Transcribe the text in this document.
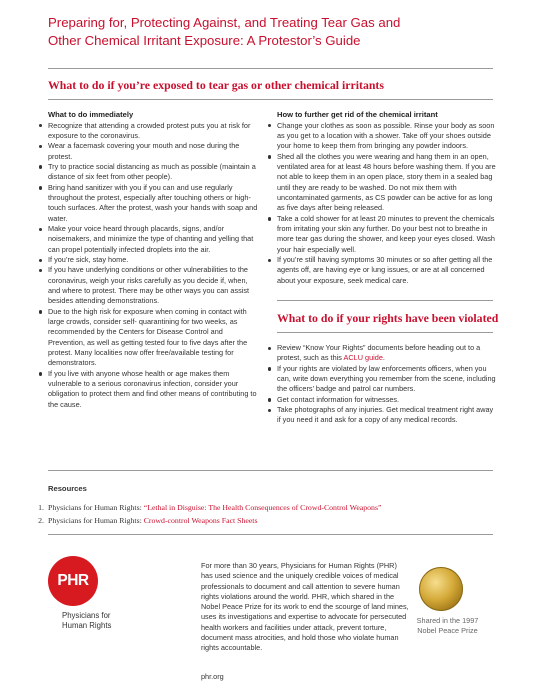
Preparing for, Protecting Against, and Treating Tear Gas and
Other Chemical Irritant Exposure: A Protestor’s Guide
What to do if you’re exposed to tear gas or other chemical irritants
What to do immediately
Recognize that attending a crowded protest puts you at risk for exposure to the coronavirus.
Wear a facemask covering your mouth and nose during the protest.
Try to practice social distancing as much as possible (maintain a distance of six feet from other people).
Bring hand sanitizer with you if you can and use regularly throughout the protest, especially after touching others or high-touch surfaces. After the protest, wash your hands with soap and water.
Make your voice heard through placards, signs, and/or noisemakers, and minimize the type of chanting and yelling that can propel potentially infected droplets into the air.
If you’re sick, stay home.
If you have underlying conditions or other vulnerabilities to the coronavirus, weigh your risks carefully as you decide if, when, and where to protest. There may be other ways you can assist besides attending demonstrations.
Due to the high risk for exposure when coming in contact with large crowds, consider self- quarantining for two weeks, as recommended by the Centers for Disease Control and Prevention, as well as getting tested four to five days after the protest. Many localities now offer free/available testing for demonstrators.
If you live with anyone whose health or age makes them vulnerable to a serious coronavirus infection, consider your obligation to protect them and find other means of contributing to the cause.
How to further get rid of the chemical irritant
Change your clothes as soon as possible. Rinse your body as soon as you get to a location with a shower. Take off your shoes outside your home to keep them from bringing any powder indoors.
Shed all the clothes you were wearing and hang them in an open, ventilated area for at least 48 hours before washing them. If you are not able to keep them in an open place, story them in a sealed bag until they are ready to be washed. Do not mix them with uncontaminated garments, as CS powder can be active for as long as five days after being released.
Take a cold shower for at least 20 minutes to prevent the chemicals from irritating your skin any further. Do your best not to breathe in more tear gas during the shower, and keep your eyes closed. Wash your hair especially well.
If you’re still having symptoms 30 minutes or so after getting all the agents off, are having eye or lung issues, or are at all concerned about your exposure, seek medical care.
What to do if your rights have been violated
Review “Know Your Rights” documents before heading out to a protest, such as this ACLU guide.
If your rights are violated by law enforcements officers, when you can, write down everything you remember from the scene, including the officers’ badge and patrol car numbers.
Get contact information for witnesses.
Take photographs of any injuries. Get medical treatment right away if you need it and ask for a copy of any medical records.
Resources
1. Physicians for Human Rights: “Lethal in Disguise: The Health Consequences of Crowd-Control Weapons”
2. Physicians for Human Rights: Crowd-control Weapons Fact Sheets
PHR
Physicians for
Human Rights

For more than 30 years, Physicians for Human Rights (PHR) has used science and the uniquely credible voices of medical professionals to document and call attention to severe human rights violations around the world. PHR, which shared in the Nobel Peace Prize for its work to end the scourge of land mines, uses its investigations and expertise to advocate for persecuted health workers and facilities under attack, prevent torture, document mass atrocities, and hold those who violate human rights accountable.

phr.org
Shared in the 1997
Nobel Peace Prize
